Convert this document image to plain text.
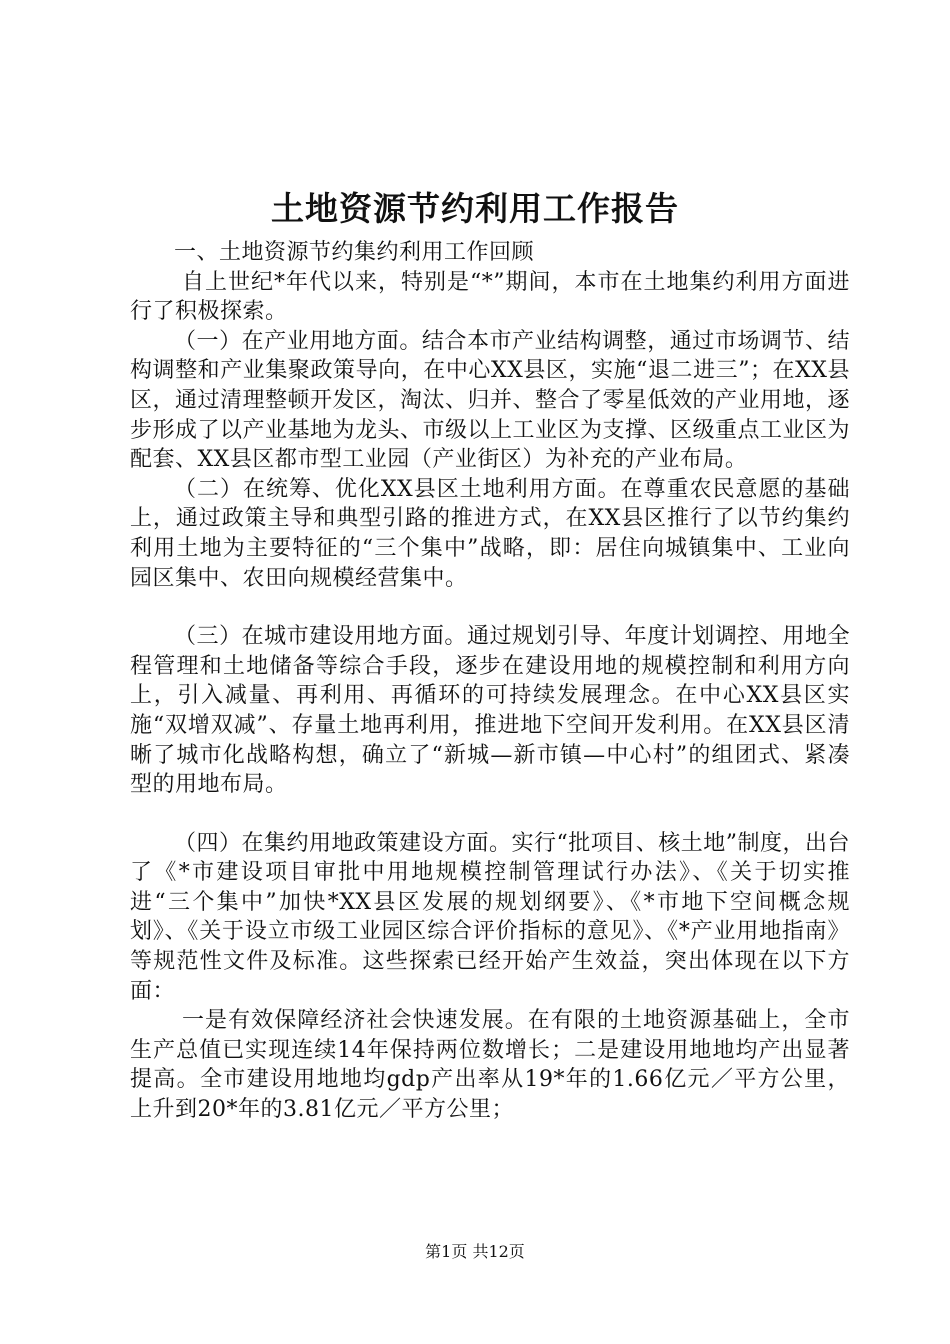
土地资源节约利用工作报告

一、土地资源节约集约利用工作回顾

自上世纪*年代以来，特别是“*”期间，本市在土地集约利用方面进行了积极探索。

（一）在产业用地方面。结合本市产业结构调整，通过市场调节、结构调整和产业集聚政策导向，在中心XX县区，实施“退二进三”；在XX县区，通过清理整顿开发区，淘汰、归并、整合了零星低效的产业用地，逐步形成了以产业基地为龙头、市级以上工业区为支撑、区级重点工业区为配套、XX县区都市型工业园（产业街区）为补充的产业布局。

（二）在统筹、优化XX县区土地利用方面。在尊重农民意愿的基础上，通过政策主导和典型引路的推进方式，在XX县区推行了以节约集约利用土地为主要特征的“三个集中”战略，即：居住向城镇集中、工业向园区集中、农田向规模经营集中。

（三）在城市建设用地方面。通过规划引导、年度计划调控、用地全程管理和土地储备等综合手段，逐步在建设用地的规模控制和利用方向上，引入减量、再利用、再循环的可持续发展理念。在中心XX县区实施“双增双减”、存量土地再利用，推进地下空间开发利用。在XX县区清晰了城市化战略构想，确立了“新城—新市镇—中心村”的组团式、紧凑型的用地布局。

（四）在集约用地政策建设方面。实行“批项目、核土地”制度，出台了《*市建设项目审批中用地规模控制管理试行办法》、《关于切实推进“三个集中”加快*XX县区发展的规划纲要》、《*市地下空间概念规划》、《关于设立市级工业园区综合评价指标的意见》、《*产业用地指南》等规范性文件及标准。这些探索已经开始产生效益，突出体现在以下方面：

一是有效保障经济社会快速发展。在有限的土地资源基础上，全市生产总值已实现连续14年保持两位数增长；二是建设用地地均产出显著提高。全市建设用地地均gdp产出率从19*年的1.66亿元／平方公里，上升到20*年的3.81亿元／平方公里；

第1页 共12页
